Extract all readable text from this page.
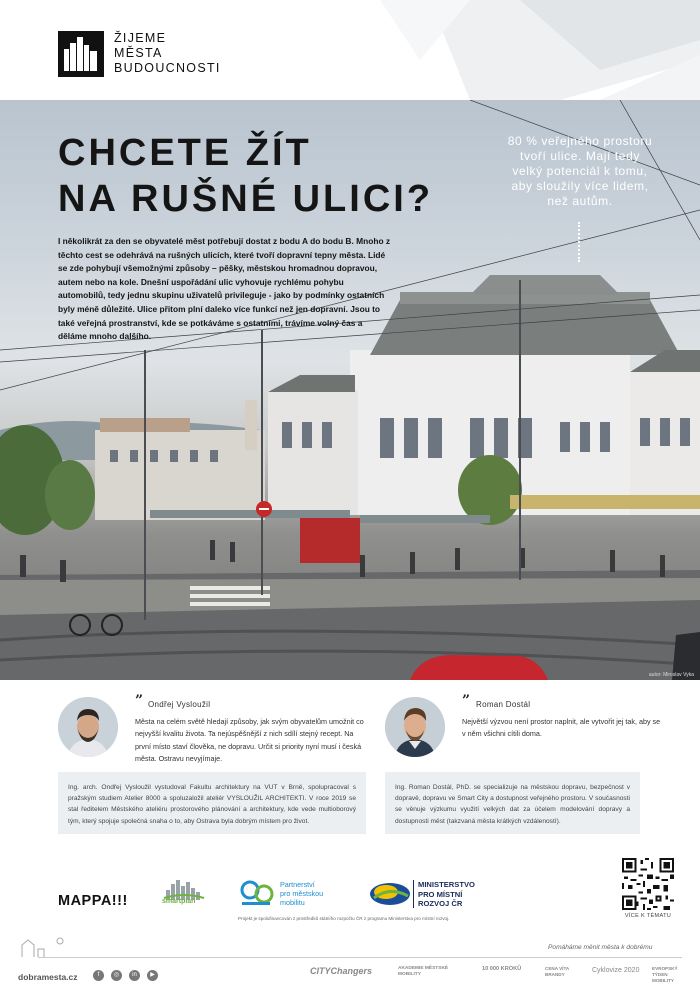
ŽIJEME
MĚSTA
BUDOUCNOSTI
CHCETE ŽÍT
NA RUŠNÉ ULICI?
I několikrát za den se obyvatelé měst potřebují dostat z bodu A do bodu B. Mnoho z těchto cest se odehrává na rušných ulicích, které tvoří dopravní tepny města. Lidé se zde pohybují všemožnými způsoby – pěšky, městskou hromadnou dopravou, autem nebo na kole. Dnešní uspořádání ulic vyhovuje rychlému pohybu automobilů, tedy jednu skupinu uživatelů privileguje - jako by podmínky ostatních byly méně důležité. Ulice přitom plní daleko více funkcí než jen dopravní. Jsou to také veřejná prostranství, kde se potkáváme s ostatními, trávíme volný čas a děláme mnoho dalšího.
80 % veřejného prostoru
tvoří ulice. Mají tedy
velký potenciál k tomu,
aby sloužily více lidem,
než autům.
autor: Miroslav Vyka
” Ondřej Vysloužil
Města na celém světě hledají způsoby, jak svým obyvatelům umožnit co nejvyšší kvalitu života. Ta nejúspěšnější z nich sdílí stejný recept. Na první místo staví člověka, ne dopravu. Určit si priority nyní musí i česká města. Ostravu nevyjímaje.
Ing. arch. Ondřej Vysloužil vystudoval Fakultu architektury na VUT v Brně, spolupracoval s pražským studiem Atelier 8000 a spoluzaložil ateliér VYSLOUŽIL ARCHITEKTI. V roce 2019 se stal ředitelem Městského ateliéru prostorového plánování a architektury, kde vede multioborový tým, který spojuje společná snaha o to, aby Ostrava byla dobrým místem pro život.
” Roman Dostál
Největší výzvou není prostor naplnit, ale vytvořit jej tak, aby se v něm všichni cítili doma.
Ing. Roman Dostál, PhD. se specializuje na městskou dopravu, bezpečnost v dopravě, dopravu ve Smart City a dostupnost veřejného prostoru. V současnosti se věnuje výzkumu využití velkých dat za účelem modelování dopravy a dostupnosti měst (takzvaná města krátkých vzdáleností).
MAPPA!!!	smartplan
Partnerství
pro městskou
mobilitu
MINISTERSTVO
PRO MÍSTNÍ
ROZVOJ ČR
Projekt je spolufinancován z prostředků státního rozpočtu ČR z programu Ministerstva pro místní rozvoj.	VÍCE K TÉMATU
Pomáháme měnit města k dobrému
dobramesta.cz	f	◎	in	▶	CITYChangers	AKADEMIE MĚSTSKÉ MOBILITY
10 000 KROKŮ	CENA VÍTA BRANDY
Cyklovize 2020	EVROPSKÝ TÝDEN MOBILITY
